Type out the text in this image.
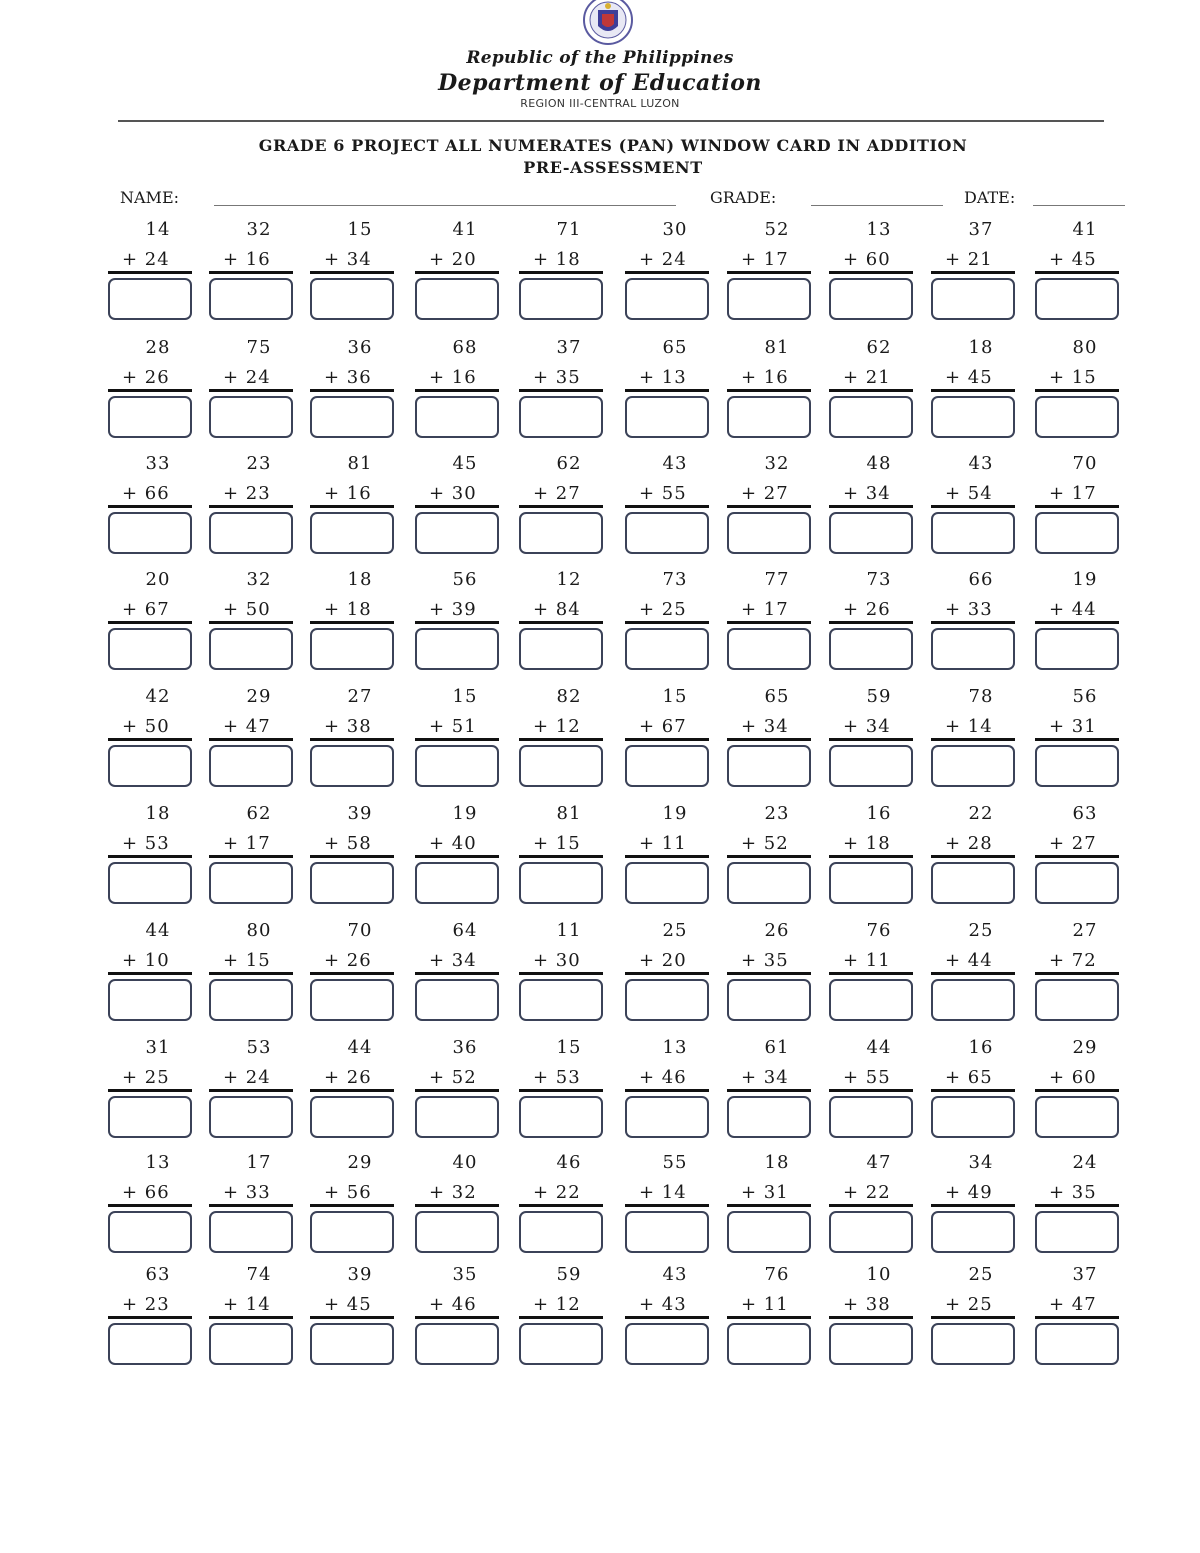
Republic of the Philippines
Department of Education
REGION III-CENTRAL LUZON
GRADE 6 PROJECT ALL NUMERATES (PAN) WINDOW CARD IN ADDITION
PRE-ASSESSMENT
NAME:	GRADE:	DATE:
14
+ 24
32
+ 16
15
+ 34
41
+ 20
71
+ 18
30
+ 24
52
+ 17
13
+ 60
37
+ 21
41
+ 45
28
+ 26
75
+ 24
36
+ 36
68
+ 16
37
+ 35
65
+ 13
81
+ 16
62
+ 21
18
+ 45
80
+ 15
33
+ 66
23
+ 23
81
+ 16
45
+ 30
62
+ 27
43
+ 55
32
+ 27
48
+ 34
43
+ 54
70
+ 17
20
+ 67
32
+ 50
18
+ 18
56
+ 39
12
+ 84
73
+ 25
77
+ 17
73
+ 26
66
+ 33
19
+ 44
42
+ 50
29
+ 47
27
+ 38
15
+ 51
82
+ 12
15
+ 67
65
+ 34
59
+ 34
78
+ 14
56
+ 31
18
+ 53
62
+ 17
39
+ 58
19
+ 40
81
+ 15
19
+ 11
23
+ 52
16
+ 18
22
+ 28
63
+ 27
44
+ 10
80
+ 15
70
+ 26
64
+ 34
11
+ 30
25
+ 20
26
+ 35
76
+ 11
25
+ 44
27
+ 72
31
+ 25
53
+ 24
44
+ 26
36
+ 52
15
+ 53
13
+ 46
61
+ 34
44
+ 55
16
+ 65
29
+ 60
13
+ 66
17
+ 33
29
+ 56
40
+ 32
46
+ 22
55
+ 14
18
+ 31
47
+ 22
34
+ 49
24
+ 35
63
+ 23
74
+ 14
39
+ 45
35
+ 46
59
+ 12
43
+ 43
76
+ 11
10
+ 38
25
+ 25
37
+ 47
